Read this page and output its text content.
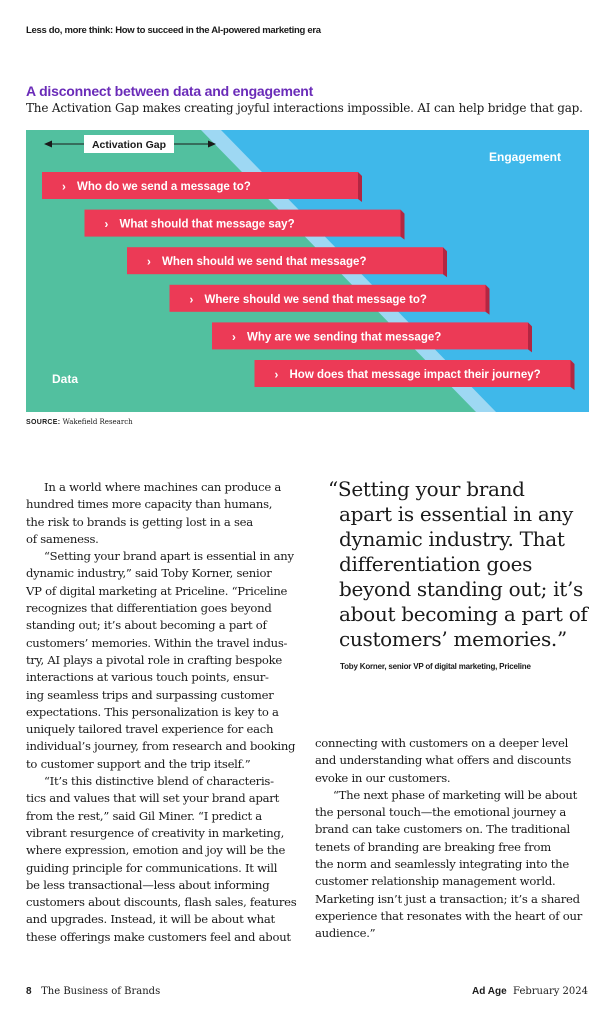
Less do, more think: How to succeed in the AI-powered marketing era
A disconnect between data and engagement
The Activation Gap makes creating joyful interactions impossible. AI can help bridge that gap.
Activation Gap
Engagement
Data
› Who do we send a message to?
› What should that message say?
› When should we send that message?
› Where should we send that message to?
› Why are we sending that message?
› How does that message impact their journey?
SOURCE: Wakefield Research

In a world where machines can produce a
hundred times more capacity than humans,
the risk to brands is getting lost in a sea
of sameness.

“Setting your brand apart is essential in any
dynamic industry,” said Toby Korner, senior
VP of digital marketing at Priceline. “Priceline
recognizes that differentiation goes beyond
standing out; it’s about becoming a part of
customers’ memories. Within the travel indus-
try, AI plays a pivotal role in crafting bespoke
interactions at various touch points, ensur-
ing seamless trips and surpassing customer
expectations. This personalization is key to a
uniquely tailored travel experience for each
individual’s journey, from research and booking
to customer support and the trip itself.”

“It’s this distinctive blend of characteris-
tics and values that will set your brand apart
from the rest,” said Gil Miner. “I predict a
vibrant resurgence of creativity in marketing,
where expression, emotion and joy will be the
guiding principle for communications. It will
be less transactional—less about informing
customers about discounts, flash sales, features
and upgrades. Instead, it will be about what
these offerings make customers feel and about

connecting with customers on a deeper level
and understanding what offers and discounts
evoke in our customers.

“The next phase of marketing will be about
the personal touch—the emotional journey a
brand can take customers on. The traditional
tenets of branding are breaking free from
the norm and seamlessly integrating into the
customer relationship management world.
Marketing isn’t just a transaction; it’s a shared
experience that resonates with the heart of our
audience.”

“Setting your brand
apart is essential in any
dynamic industry. That
differentiation goes
beyond standing out; it’s
about becoming a part of
customers’ memories.”
Toby Korner, senior VP of digital marketing, Priceline
8 The Business of Brands	Ad Age February 2024
